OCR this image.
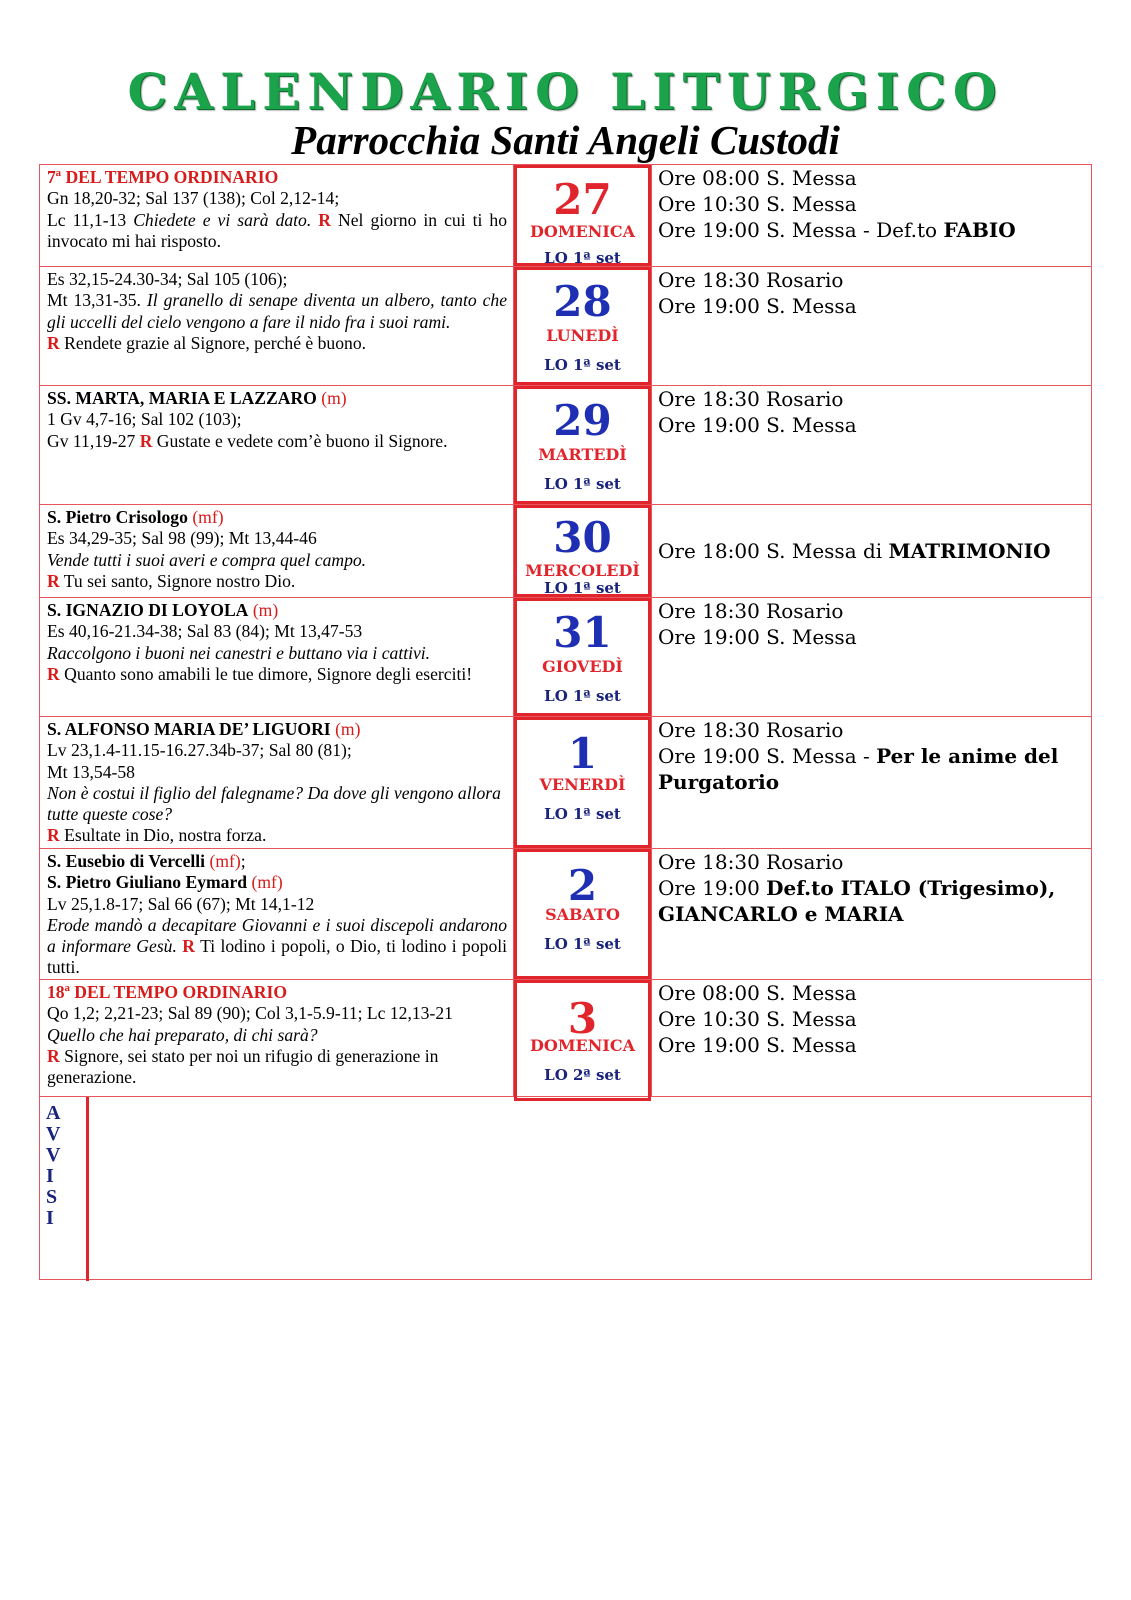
CALENDARIO LITURGICO
Parrocchia Santi Angeli Custodi
7ª DEL TEMPO ORDINARIO
Gn 18,20-32; Sal 137 (138); Col 2,12-14;
Lc 11,1-13 Chiedete e vi sarà dato. R Nel giorno in cui ti ho invocato mi hai risposto.
27
DOMENICA
LO 1ª set
Ore 08:00 S. Messa
Ore 10:30 S. Messa
Ore 19:00 S. Messa - Def.to FABIO
Es 32,15-24.30-34; Sal 105 (106);
Mt 13,31-35. Il granello di senape diventa un albero, tanto che gli uccelli del cielo vengono a fare il nido fra i suoi rami.
R Rendete grazie al Signore, perché è buono.
28
LUNEDÌ
LO 1ª set
Ore 18:30 Rosario
Ore 19:00 S. Messa
SS. MARTA, MARIA E LAZZARO (m)
1 Gv 4,7-16; Sal 102 (103);
Gv 11,19-27 R Gustate e vedete com’è buono il Signore.	29
MARTEDÌ
LO 1ª set
Ore 18:30 Rosario
Ore 19:00 S. Messa
S. Pietro Crisologo (mf)
Es 34,29-35; Sal 98 (99); Mt 13,44-46
Vende tutti i suoi averi e compra quel campo.
R Tu sei santo, Signore nostro Dio.
30
MERCOLEDÌ
LO 1ª set
Ore 18:00 S. Messa di MATRIMONIO
S. IGNAZIO DI LOYOLA (m)
Es 40,16-21.34-38; Sal 83 (84); Mt 13,47-53
Raccolgono i buoni nei canestri e buttano via i cattivi.
R Quanto sono amabili le tue dimore, Signore degli eserciti!
31
GIOVEDÌ
LO 1ª set
Ore 18:30 Rosario
Ore 19:00 S. Messa
S. ALFONSO MARIA DE’ LIGUORI (m)
Lv 23,1.4-11.15-16.27.34b-37; Sal 80 (81);
Mt 13,54-58
Non è costui il figlio del falegname? Da dove gli vengono allora tutte queste cose?
R Esultate in Dio, nostra forza.
1
VENERDÌ
LO 1ª set
Ore 18:30 Rosario
Ore 19:00 S. Messa - Per le anime del Purgatorio
S. Eusebio di Vercelli (mf);
S. Pietro Giuliano Eymard (mf)
Lv 25,1.8-17; Sal 66 (67); Mt 14,1-12
Erode mandò a decapitare Giovanni e i suoi discepoli andarono a informare Gesù. R Ti lodino i popoli, o Dio, ti lodino i popoli tutti.
2
SABATO
LO 1ª set
Ore 18:30 Rosario
Ore 19:00 Def.to ITALO (Trigesimo), GIANCARLO e MARIA
18ª DEL TEMPO ORDINARIO
Qo 1,2; 2,21-23; Sal 89 (90); Col 3,1-5.9-11; Lc 12,13-21
Quello che hai preparato, di chi sarà?
R Signore, sei stato per noi un rifugio di generazione in generazione.
3
DOMENICA
LO 2ª set
Ore 08:00 S. Messa
Ore 10:30 S. Messa
Ore 19:00 S. Messa
A
V
V
I
S
I
